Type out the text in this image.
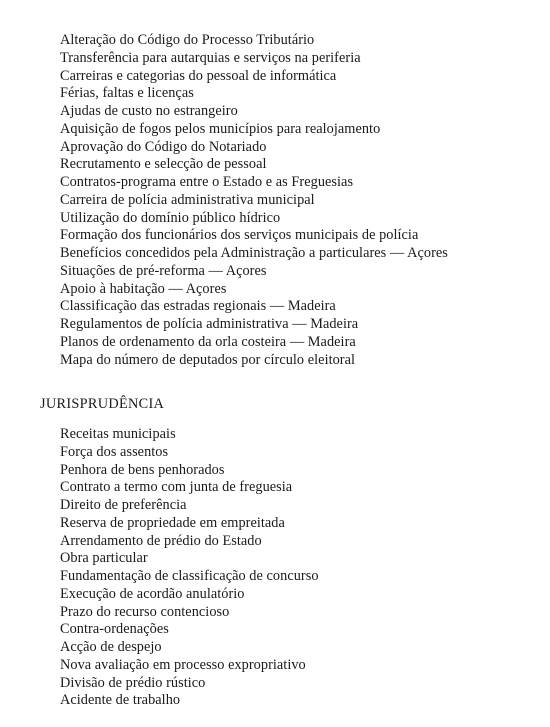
Alteração do Código do Processo Tributário
Transferência para autarquias e serviços na periferia
Carreiras e categorias do pessoal de informática
Férias, faltas e licenças
Ajudas de custo no estrangeiro
Aquisição de fogos pelos municípios para realojamento
Aprovação do Código do Notariado
Recrutamento e selecção de pessoal
Contratos-programa entre o Estado e as Freguesias
Carreira de polícia administrativa municipal
Utilização do domínio público hídrico
Formação dos funcionários dos serviços municipais de polícia
Benefícios concedidos pela Administração a particulares — Açores
Situações de pré-reforma — Açores
Apoio à habitação — Açores
Classificação das estradas regionais — Madeira
Regulamentos de polícia administrativa — Madeira
Planos de ordenamento da orla costeira — Madeira
Mapa do número de deputados por círculo eleitoral
JURISPRUDÊNCIA
Receitas municipais
Força dos assentos
Penhora de bens penhorados
Contrato a termo com junta de freguesia
Direito de preferência
Reserva de propriedade em empreitada
Arrendamento de prédio do Estado
Obra particular
Fundamentação de classificação de concurso
Execução de acordão anulatório
Prazo do recurso contencioso
Contra-ordenações
Acção de despejo
Nova avaliação em processo expropriativo
Divisão de prédio rústico
Acidente de trabalho
